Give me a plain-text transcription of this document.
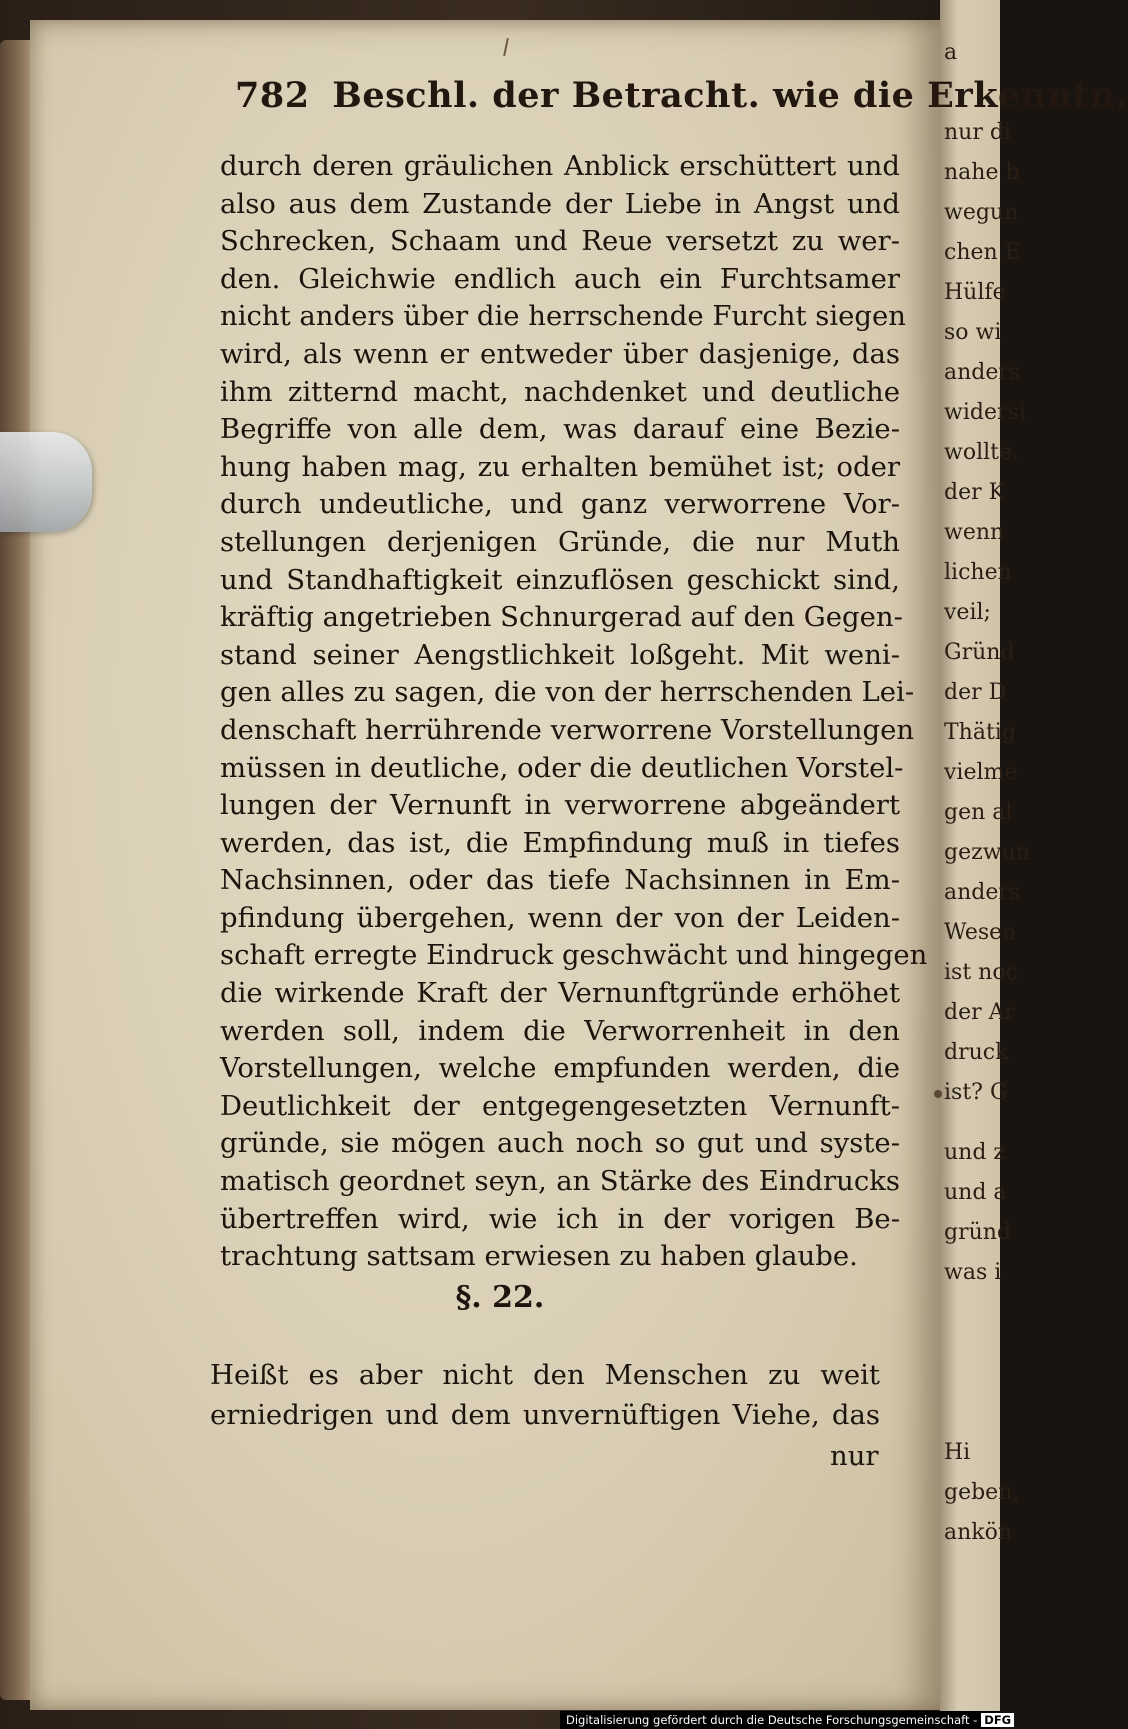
a
nur di
nahe b
wegun
chen E
Hülfe
so wi
anders
widersi
wollte.
der K
wenn
lichen
veil;
Gründ
der D
Thätig
vielme
gen al
gezwun
anders
Wesen
ist noc
der Ar
druck
ist? G
und z
und a
gründ
was i
Hi
geben,
ankön
782 Beschl. der Betracht. wie die Erkenntn.
durch deren gräulichen Anblick erschüttert und
also aus dem Zustande der Liebe in Angst und
Schrecken, Schaam und Reue versetzt zu wer-
den. Gleichwie endlich auch ein Furchtsamer
nicht anders über die herrschende Furcht siegen
wird, als wenn er entweder über dasjenige, das
ihm zitternd macht, nachdenket und deutliche
Begriffe von alle dem, was darauf eine Bezie-
hung haben mag, zu erhalten bemühet ist; oder
durch undeutliche, und ganz verworrene Vor-
stellungen derjenigen Gründe, die nur Muth
und Standhaftigkeit einzuflösen geschickt sind,
kräftig angetrieben Schnurgerad auf den Gegen-
stand seiner Aengstlichkeit loßgeht. Mit weni-
gen alles zu sagen, die von der herrschenden Lei-
denschaft herrührende verworrene Vorstellungen
müssen in deutliche, oder die deutlichen Vorstel-
lungen der Vernunft in verworrene abgeändert
werden, das ist, die Empfindung muß in tiefes
Nachsinnen, oder das tiefe Nachsinnen in Em-
pfindung übergehen, wenn der von der Leiden-
schaft erregte Eindruck geschwächt und hingegen
die wirkende Kraft der Vernunftgründe erhöhet
werden soll, indem die Verworrenheit in den
Vorstellungen, welche empfunden werden, die
Deutlichkeit der entgegengesetzten Vernunft-
gründe, sie mögen auch noch so gut und syste-
matisch geordnet seyn, an Stärke des Eindrucks
übertreffen wird, wie ich in der vorigen Be-
trachtung sattsam erwiesen zu haben glaube.
§. 22.
Heißt es aber nicht den Menschen zu weit
erniedrigen und dem unvernüftigen Viehe, das
nur
Digitalisierung gefördert durch die Deutsche Forschungsgemeinschaft - DFG
